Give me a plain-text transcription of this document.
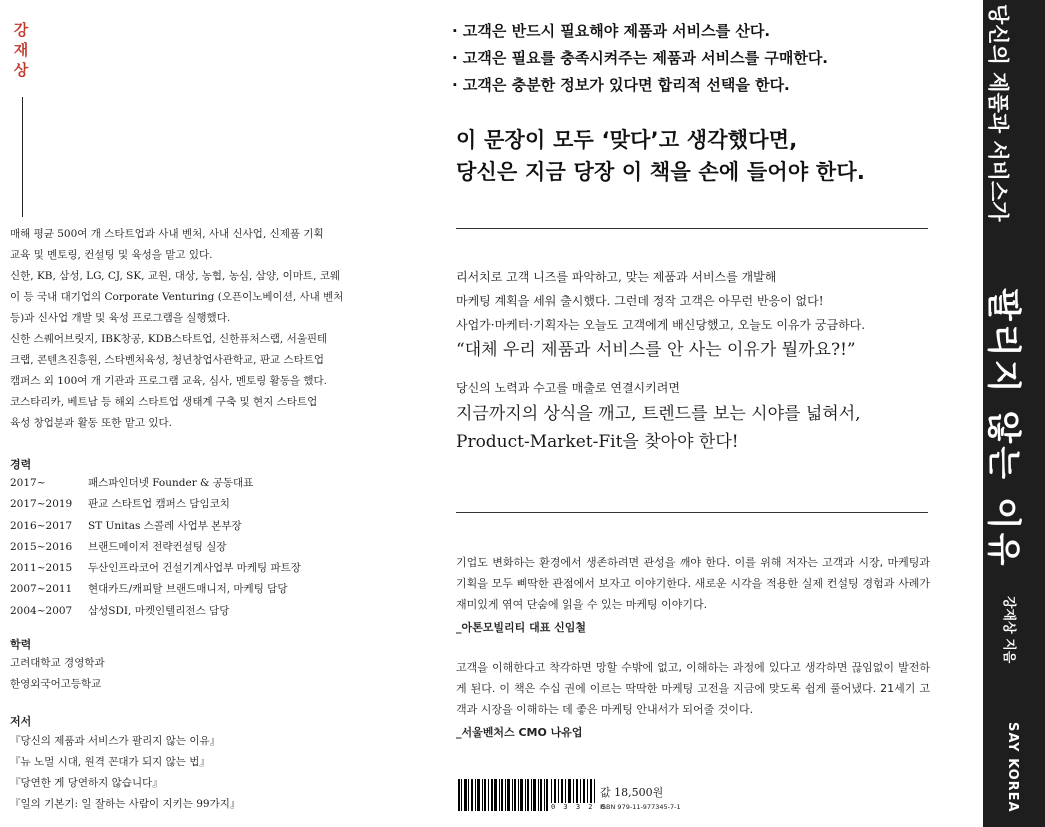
강
재
상

매해 평균 500여 개 스타트업과 사내 벤처, 사내 신사업, 신제품 기획

교육 및 멘토링, 컨설팅 및 육성을 맡고 있다.

신한, KB, 삼성, LG, CJ, SK, 교원, 대상, 농협, 농심, 삼양, 이마트, 코웨

이 등 국내 대기업의 Corporate Venturing (오픈이노베이션, 사내 벤처

등)과 신사업 개발 및 육성 프로그램을 실행했다.

신한 스퀘어브릿지, IBK창공, KDB스타트업, 신한퓨처스랩, 서울핀테

크랩, 콘텐츠진흥원, 스타벤처육성, 청년창업사관학교, 판교 스타트업

캠퍼스 외 100여 개 기관과 프로그램 교육, 심사, 멘토링 활동을 했다.

코스타리카, 베트남 등 해외 스타트업 생태계 구축 및 현지 스타트업

육성 창업분과 활동 또한 맡고 있다.

경력
2017~	패스파인더넷 Founder & 공동대표
2017~2019	판교 스타트업 캠퍼스 담임코치
2016~2017	ST Unitas 스콜레 사업부 본부장
2015~2016	브랜드메이저 전략컨설팅 실장
2011~2015	두산인프라코어 건설기계사업부 마케팅 파트장
2007~2011	현대카드/캐피탈 브랜드매니저, 마케팅 담당
2004~2007	삼성SDI, 마켓인텔리전스 담당
학력
고려대학교 경영학과
한영외국어고등학교
저서
『당신의 제품과 서비스가 팔리지 않는 이유』
『뉴 노멀 시대, 원격 꼰대가 되지 않는 법』
『당연한 게 당연하지 않습니다』
『일의 기본기: 일 잘하는 사람이 지키는 99가지』
· 고객은 반드시 필요해야 제품과 서비스를 산다.
· 고객은 필요를 충족시켜주는 제품과 서비스를 구매한다.
· 고객은 충분한 정보가 있다면 합리적 선택을 한다.
이 문장이 모두 ‘맞다’고 생각했다면,
당신은 지금 당장 이 책을 손에 들어야 한다.

리서치로 고객 니즈를 파악하고, 맞는 제품과 서비스를 개발해

마케팅 계획을 세워 출시했다. 그런데 정작 고객은 아무런 반응이 없다!

사업가·마케터·기획자는 오늘도 고객에게 배신당했고, 오늘도 이유가 궁금하다.

“대체 우리 제품과 서비스를 안 사는 이유가 뭘까요?!”

당신의 노력과 수고를 매출로 연결시키려면

지금까지의 상식을 깨고, 트렌드를 보는 시야를 넓혀서,

Product-Market-Fit을 찾아야 한다!

기업도 변화하는 환경에서 생존하려면 관성을 깨야 한다. 이를 위해 저자는 고객과 시장, 마케팅과 기획을 모두 삐딱한 관점에서 보자고 이야기한다. 새로운 시각을 적용한 실제 컨설팅 경험과 사례가 재미있게 엮여 단숨에 읽을 수 있는 마케팅 이야기다.

_아톤모빌리티 대표 신임철

고객을 이해한다고 착각하면 망할 수밖에 없고, 이해하는 과정에 있다고 생각하면 끊임없이 발전하게 된다. 이 책은 수십 권에 이르는 딱딱한 마케팅 고전을 지금에 맞도록 쉽게 풀어냈다. 21세기 고객과 시장을 이해하는 데 좋은 마케팅 안내서가 되어줄 것이다.

_서울벤처스 CMO 나유업

0 3 3 2 0
값 18,500원
ISBN 979-11-977345-7-1
당신의 제품과 서비스가
팔리지 않는 이유
강재상 지음
SAY KOREA
